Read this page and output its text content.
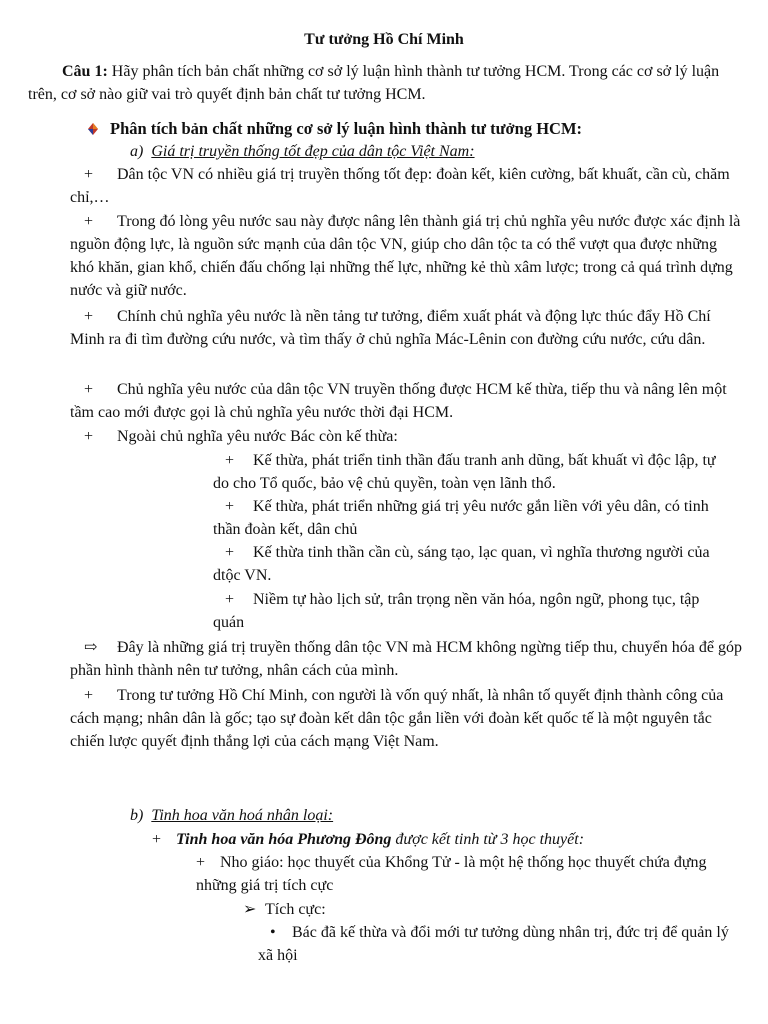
Tư tưởng Hồ Chí Minh

Câu 1: Hãy phân tích bản chất những cơ sở lý luận hình thành tư tưởng HCM. Trong các cơ sở lý luận trên, cơ sở nào giữ vai trò quyết định bản chất tư tưởng HCM.

Phân tích bản chất những cơ sở lý luận hình thành tư tưởng HCM:
a) Giá trị truyền thống tốt đẹp của dân tộc Việt Nam:

+ Dân tộc VN có nhiều giá trị truyền thống tốt đẹp: đoàn kết, kiên cường, bất khuất, cần cù, chăm chỉ,…

+ Trong đó lòng yêu nước sau này được nâng lên thành giá trị chủ nghĩa yêu nước được xác định là nguồn động lực, là nguồn sức mạnh của dân tộc VN, giúp cho dân tộc ta có thể vượt qua được những khó khăn, gian khổ, chiến đấu chống lại những thế lực, những kẻ thù xâm lược; trong cả quá trình dựng nước và giữ nước.

+ Chính chủ nghĩa yêu nước là nền tảng tư tưởng, điểm xuất phát và động lực thúc đẩy Hồ Chí Minh ra đi tìm đường cứu nước, và tìm thấy ở chủ nghĩa Mác-Lênin con đường cứu nước, cứu dân.

+ Chủ nghĩa yêu nước của dân tộc VN truyền thống được HCM kế thừa, tiếp thu và nâng lên một tầm cao mới được gọi là chủ nghĩa yêu nước thời đại HCM.

+ Ngoài chủ nghĩa yêu nước Bác còn kế thừa:

+ Kế thừa, phát triển tinh thần đấu tranh anh dũng, bất khuất vì độc lập, tự do cho Tổ quốc, bảo vệ chủ quyền, toàn vẹn lãnh thổ.

+ Kế thừa, phát triển những giá trị yêu nước gắn liền với yêu dân, có tinh thần đoàn kết, dân chủ

+ Kế thừa tinh thần cần cù, sáng tạo, lạc quan, vì nghĩa thương người của dtộc VN.

+ Niềm tự hào lịch sử, trân trọng nền văn hóa, ngôn ngữ, phong tục, tập quán

⇨ Đây là những giá trị truyền thống dân tộc VN mà HCM không ngừng tiếp thu, chuyển hóa để góp phần hình thành nên tư tưởng, nhân cách của mình.

+ Trong tư tưởng Hồ Chí Minh, con người là vốn quý nhất, là nhân tố quyết định thành công của cách mạng; nhân dân là gốc; tạo sự đoàn kết dân tộc gắn liền với đoàn kết quốc tế là một nguyên tắc chiến lược quyết định thắng lợi của cách mạng Việt Nam.

b) Tinh hoa văn hoá nhân loại:
+ Tinh hoa văn hóa Phương Đông được kết tinh từ 3 học thuyết:

+ Nho giáo: học thuyết của Khổng Tử - là một hệ thống học thuyết chứa đựng những giá trị tích cực

➢ Tích cực:

• Bác đã kế thừa và đổi mới tư tưởng dùng nhân trị, đức trị để quản lý xã hội
